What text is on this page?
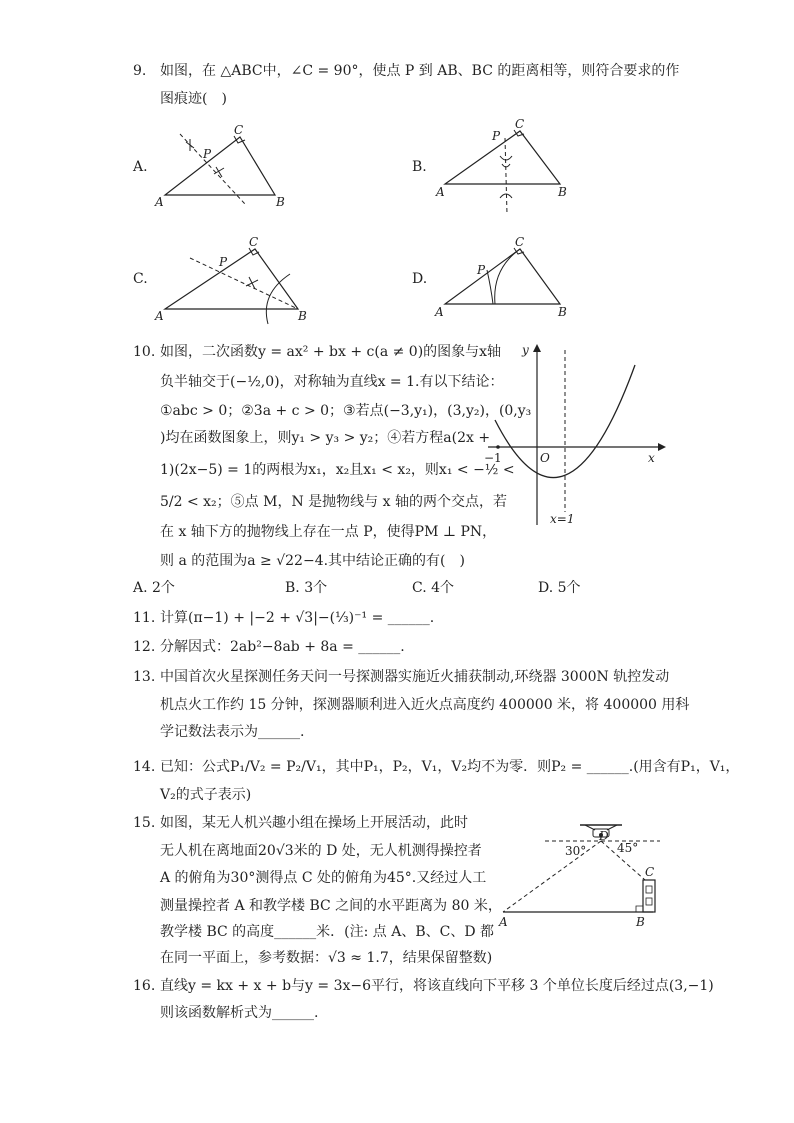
9. 如图，在 △ABC中，∠C = 90°，使点 P 到 AB、BC 的距离相等，则符合要求的作
图痕迹(　)
A.	B.
C.	D.
C
P
A	B
C
P
A	B
C
P
A	B
C
P
A	B
10. 如图，二次函数y = ax² + bx + c(a ≠ 0)的图象与x轴
负半轴交于(−½,0)，对称轴为直线x = 1.有以下结论：
①abc > 0；②3a + c > 0；③若点(−3,y₁)，(3,y₂)，(0,y₃
)均在函数图象上，则y₁ > y₃ > y₂；④若方程a(2x +
1)(2x−5) = 1的两根为x₁，x₂且x₁ < x₂，则x₁ < −½ <
5/2 < x₂；⑤点 M，N 是抛物线与 x 轴的两个交点，若
在 x 轴下方的抛物线上存在一点 P，使得PM ⊥ PN，
则 a 的范围为a ≥ √22−4.其中结论正确的有(　)
y
x
−1	O
x=1
A. 2个	B. 3个	C. 4个	D. 5个
11. 计算(π−1) + |−2 + √3|−(⅓)⁻¹ = ______.
12. 分解因式：2ab²−8ab + 8a = ______.
13. 中国首次火星探测任务天问一号探测器实施近火捕获制动,环绕器 3000N 轨控发动
机点火工作约 15 分钟，探测器顺利进入近火点高度约 400000 米，将 400000 用科
学记数法表示为______.
14. 已知：公式P₁/V₂ = P₂/V₁，其中P₁，P₂，V₁，V₂均不为零．则P₂ = ______.(用含有P₁，V₁，
V₂的式子表示)
15. 如图，某无人机兴趣小组在操场上开展活动，此时
无人机在离地面20√3米的 D 处，无人机测得操控者
A 的俯角为30°测得点 C 处的俯角为45°.又经过人工
测量操控者 A 和教学楼 BC 之间的水平距离为 80 米，
教学楼 BC 的高度______米．(注: 点 A、B、C、D 都
在同一平面上，参考数据：√3 ≈ 1.7，结果保留整数)
30°	45°
D
C
A	B
16. 直线y = kx + x + b与y = 3x−6平行，将该直线向下平移 3 个单位长度后经过点(3,−1)
则该函数解析式为______.
